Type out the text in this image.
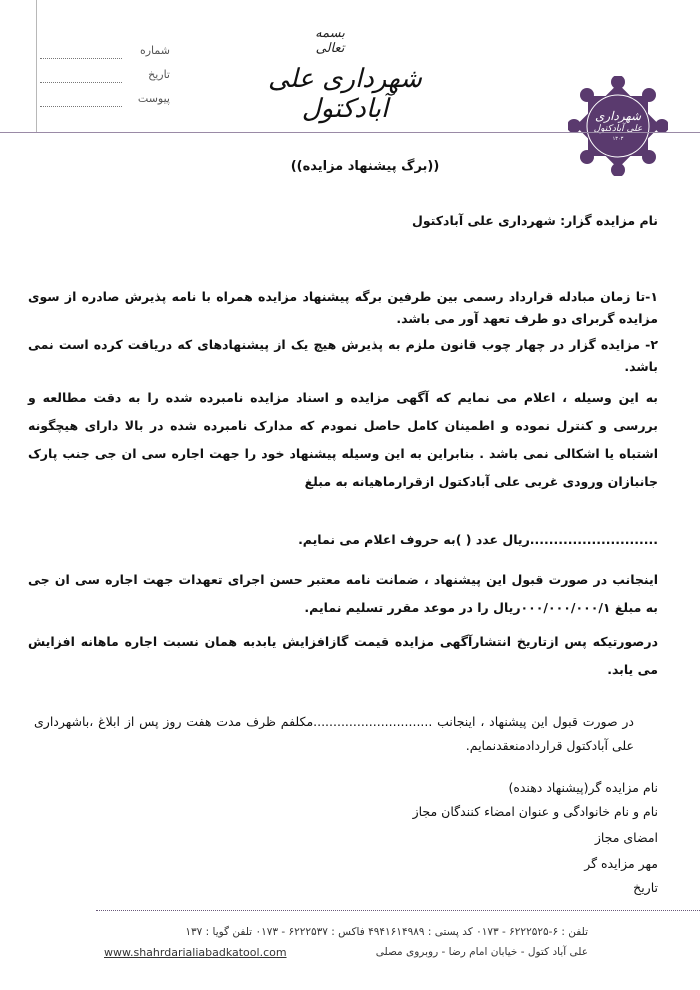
شماره
تاریخ
پیوست
بسمه تعالی
شهرداری علی آبادکتول	شهرداری
علی آبادکتول
۱۳۰۳
((برگ پیشنهاد مزایده))
نام مزایده گزار: شهرداری علی آبادکتول
۱-تا زمان مبادله قرارداد رسمی بین طرفین برگه پیشنهاد مزایده همراه با نامه پذیرش صادره از سوی مزایده گربرای دو طرف تعهد آور می باشد.
۲- مزایده گزار در چهار چوب قانون ملزم به پذیرش هیچ یک از پیشنهادهای که دریافت کرده است نمی باشد.
به این وسیله ، اعلام می نمایم که آگهی مزایده و اسناد مزایده نامبرده شده را به دقت مطالعه و بررسی و کنترل نموده و اطمینان کامل حاصل نمودم که مدارک نامبرده شده در بالا دارای هیچگونه اشتباه یا اشکالی نمی باشد . بنابراین به این وسیله پیشنهاد خود را جهت اجاره سی ان جی جنب پارک جانبازان ورودی غربی علی آبادکتول ازقرارماهیانه به مبلغ
...........................ریال عدد ( )به حروف اعلام می نمایم.
اینجانب در صورت قبول این پیشنهاد ، ضمانت نامه معتبر حسن اجرای تعهدات جهت اجاره سی ان جی به مبلغ ۰۰۰/۰۰۰/۰۰۰/۱ریال را در موعد مقرر تسلیم نمایم.
درصورتیکه پس ازتاریخ انتشارآگهی مزایده قیمت گازافزایش یابدبه همان نسبت اجاره ماهانه افزایش می یابد.
در صورت قبول این پیشنهاد ، اینجانب ..............................مکلفم ظرف مدت هفت روز پس از ابلاغ ،باشهرداری علی آبادکتول قراردادمنعقدنمایم.
نام مزایده گر(پیشنهاد دهنده)
نام و نام خانوادگی و عنوان امضاء کنندگان مجاز
امضای مجاز
مهر مزایده گر
تاریخ
تلفن : ۶-۶۲۲۲۵۲۵ - ۰۱۷۳ کد پستی : ۴۹۴۱۶۱۴۹۸۹ فاکس : ۶۲۲۲۵۳۷ - ۰۱۷۳ تلفن گویا : ۱۳۷
علی آباد کتول - خیابان امام رضا - روبروی مصلی
www.shahrdarialiabadkatool.com
